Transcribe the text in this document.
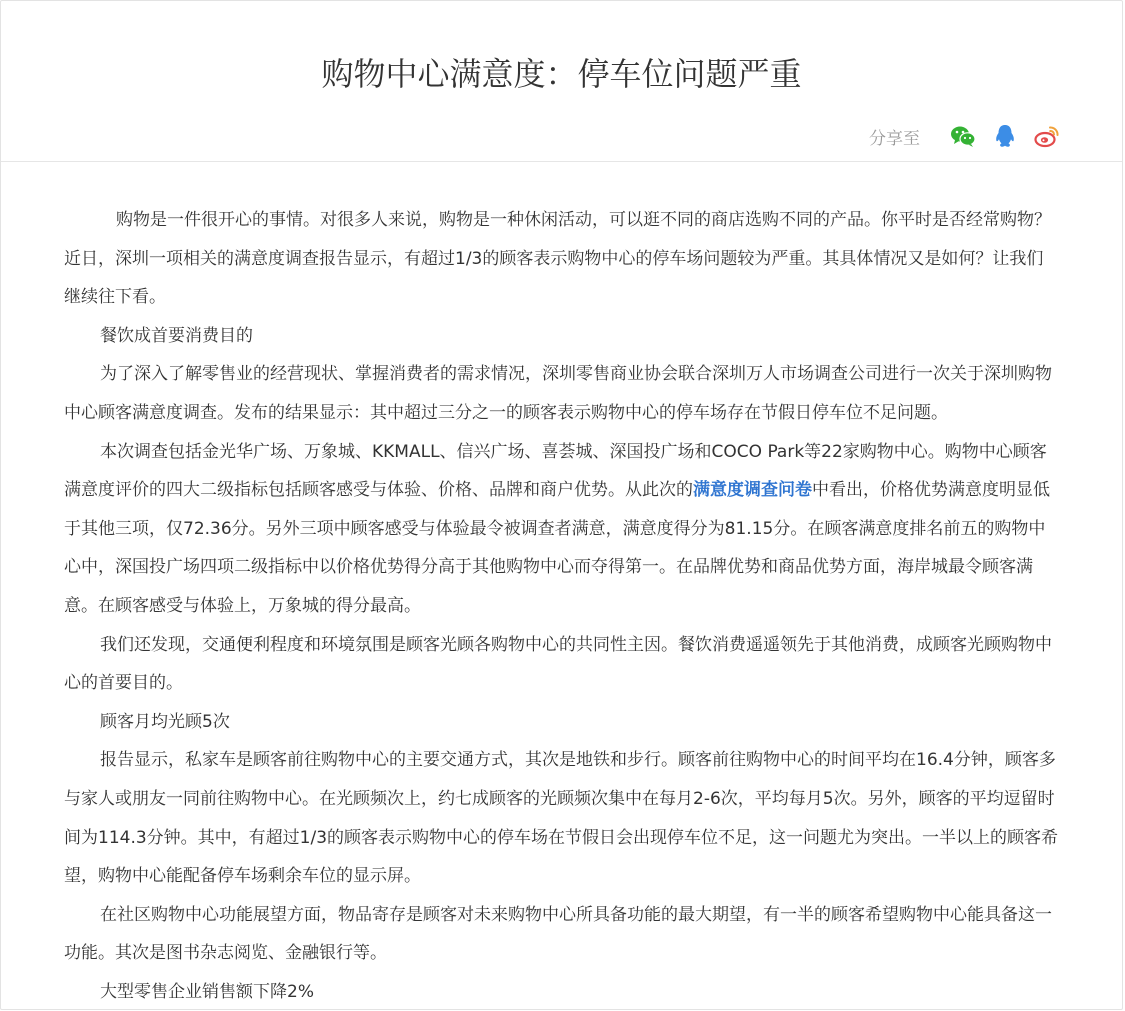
购物中心满意度：停车位问题严重
分享至

购物是一件很开心的事情。对很多人来说，购物是一种休闲活动，可以逛不同的商店选购不同的产品。你平时是否经常购物？近日，深圳一项相关的满意度调查报告显示，有超过1/3的顾客表示购物中心的停车场问题较为严重。其具体情况又是如何？让我们继续往下看。

餐饮成首要消费目的

为了深入了解零售业的经营现状、掌握消费者的需求情况，深圳零售商业协会联合深圳万人市场调查公司进行一次关于深圳购物中心顾客满意度调查。发布的结果显示：其中超过三分之一的顾客表示购物中心的停车场存在节假日停车位不足问题。

本次调查包括金光华广场、万象城、KKMALL、信兴广场、喜荟城、深国投广场和COCO Park等22家购物中心。购物中心顾客满意度评价的四大二级指标包括顾客感受与体验、价格、品牌和商户优势。从此次的满意度调查问卷中看出，价格优势满意度明显低于其他三项，仅72.36分。另外三项中顾客感受与体验最令被调查者满意，满意度得分为81.15分。在顾客满意度排名前五的购物中心中，深国投广场四项二级指标中以价格优势得分高于其他购物中心而夺得第一。在品牌优势和商品优势方面，海岸城最令顾客满意。在顾客感受与体验上，万象城的得分最高。

我们还发现，交通便利程度和环境氛围是顾客光顾各购物中心的共同性主因。餐饮消费遥遥领先于其他消费，成顾客光顾购物中心的首要目的。

顾客月均光顾5次

报告显示，私家车是顾客前往购物中心的主要交通方式，其次是地铁和步行。顾客前往购物中心的时间平均在16.4分钟，顾客多与家人或朋友一同前往购物中心。在光顾频次上，约七成顾客的光顾频次集中在每月2-6次，平均每月5次。另外，顾客的平均逗留时间为114.3分钟。其中，有超过1/3的顾客表示购物中心的停车场在节假日会出现停车位不足，这一问题尤为突出。一半以上的顾客希望，购物中心能配备停车场剩余车位的显示屏。

在社区购物中心功能展望方面，物品寄存是顾客对未来购物中心所具备功能的最大期望，有一半的顾客希望购物中心能具备这一功能。其次是图书杂志阅览、金融银行等。

大型零售企业销售额下降2%
